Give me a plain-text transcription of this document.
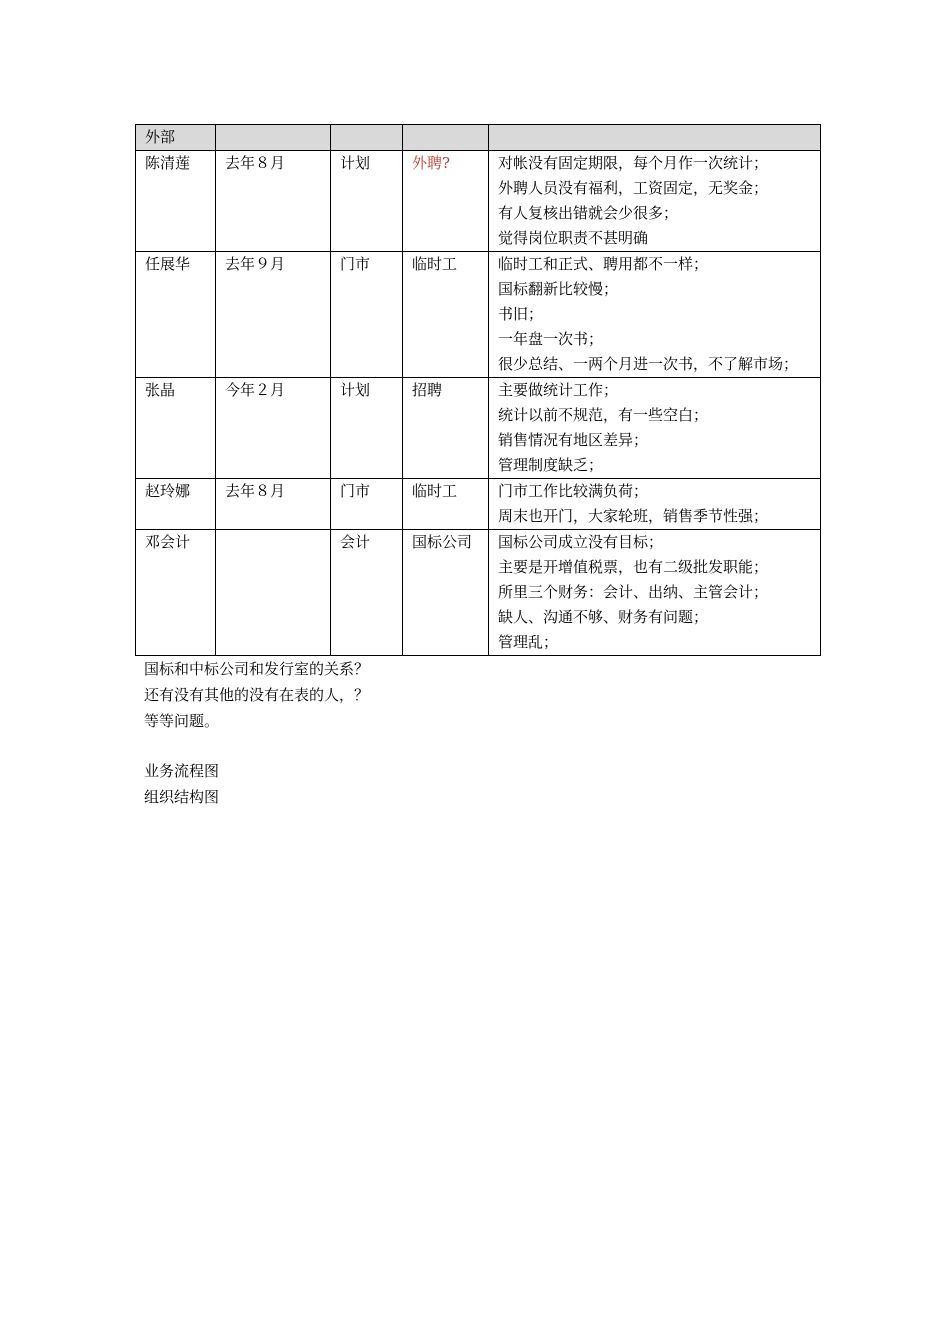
外部				
陈清莲	去年８月	计划	外聘?	对帐没有固定期限，每个月作一次统计；
外聘人员没有福利，工资固定，无奖金；
有人复核出错就会少很多；
觉得岗位职责不甚明确

任展华	去年９月	门市	临时工	临时工和正式、聘用都不一样；
国标翻新比较慢；
书旧；
一年盘一次书；
很少总结、一两个月进一次书，不了解市场；

张晶	今年２月	计划	招聘	主要做统计工作；
统计以前不规范，有一些空白；
销售情况有地区差异；
管理制度缺乏；

赵玲娜	去年８月	门市	临时工	门市工作比较满负荷；
周末也开门，大家轮班，销售季节性强；

邓会计		会计	国标公司	国标公司成立没有目标；
主要是开增值税票，也有二级批发职能；
所里三个财务：会计、出纳、主管会计；
缺人、沟通不够、财务有问题；
管理乱；
国标和中标公司和发行室的关系？
还有没有其他的没有在表的人，？
等等问题。
业务流程图
组织结构图
